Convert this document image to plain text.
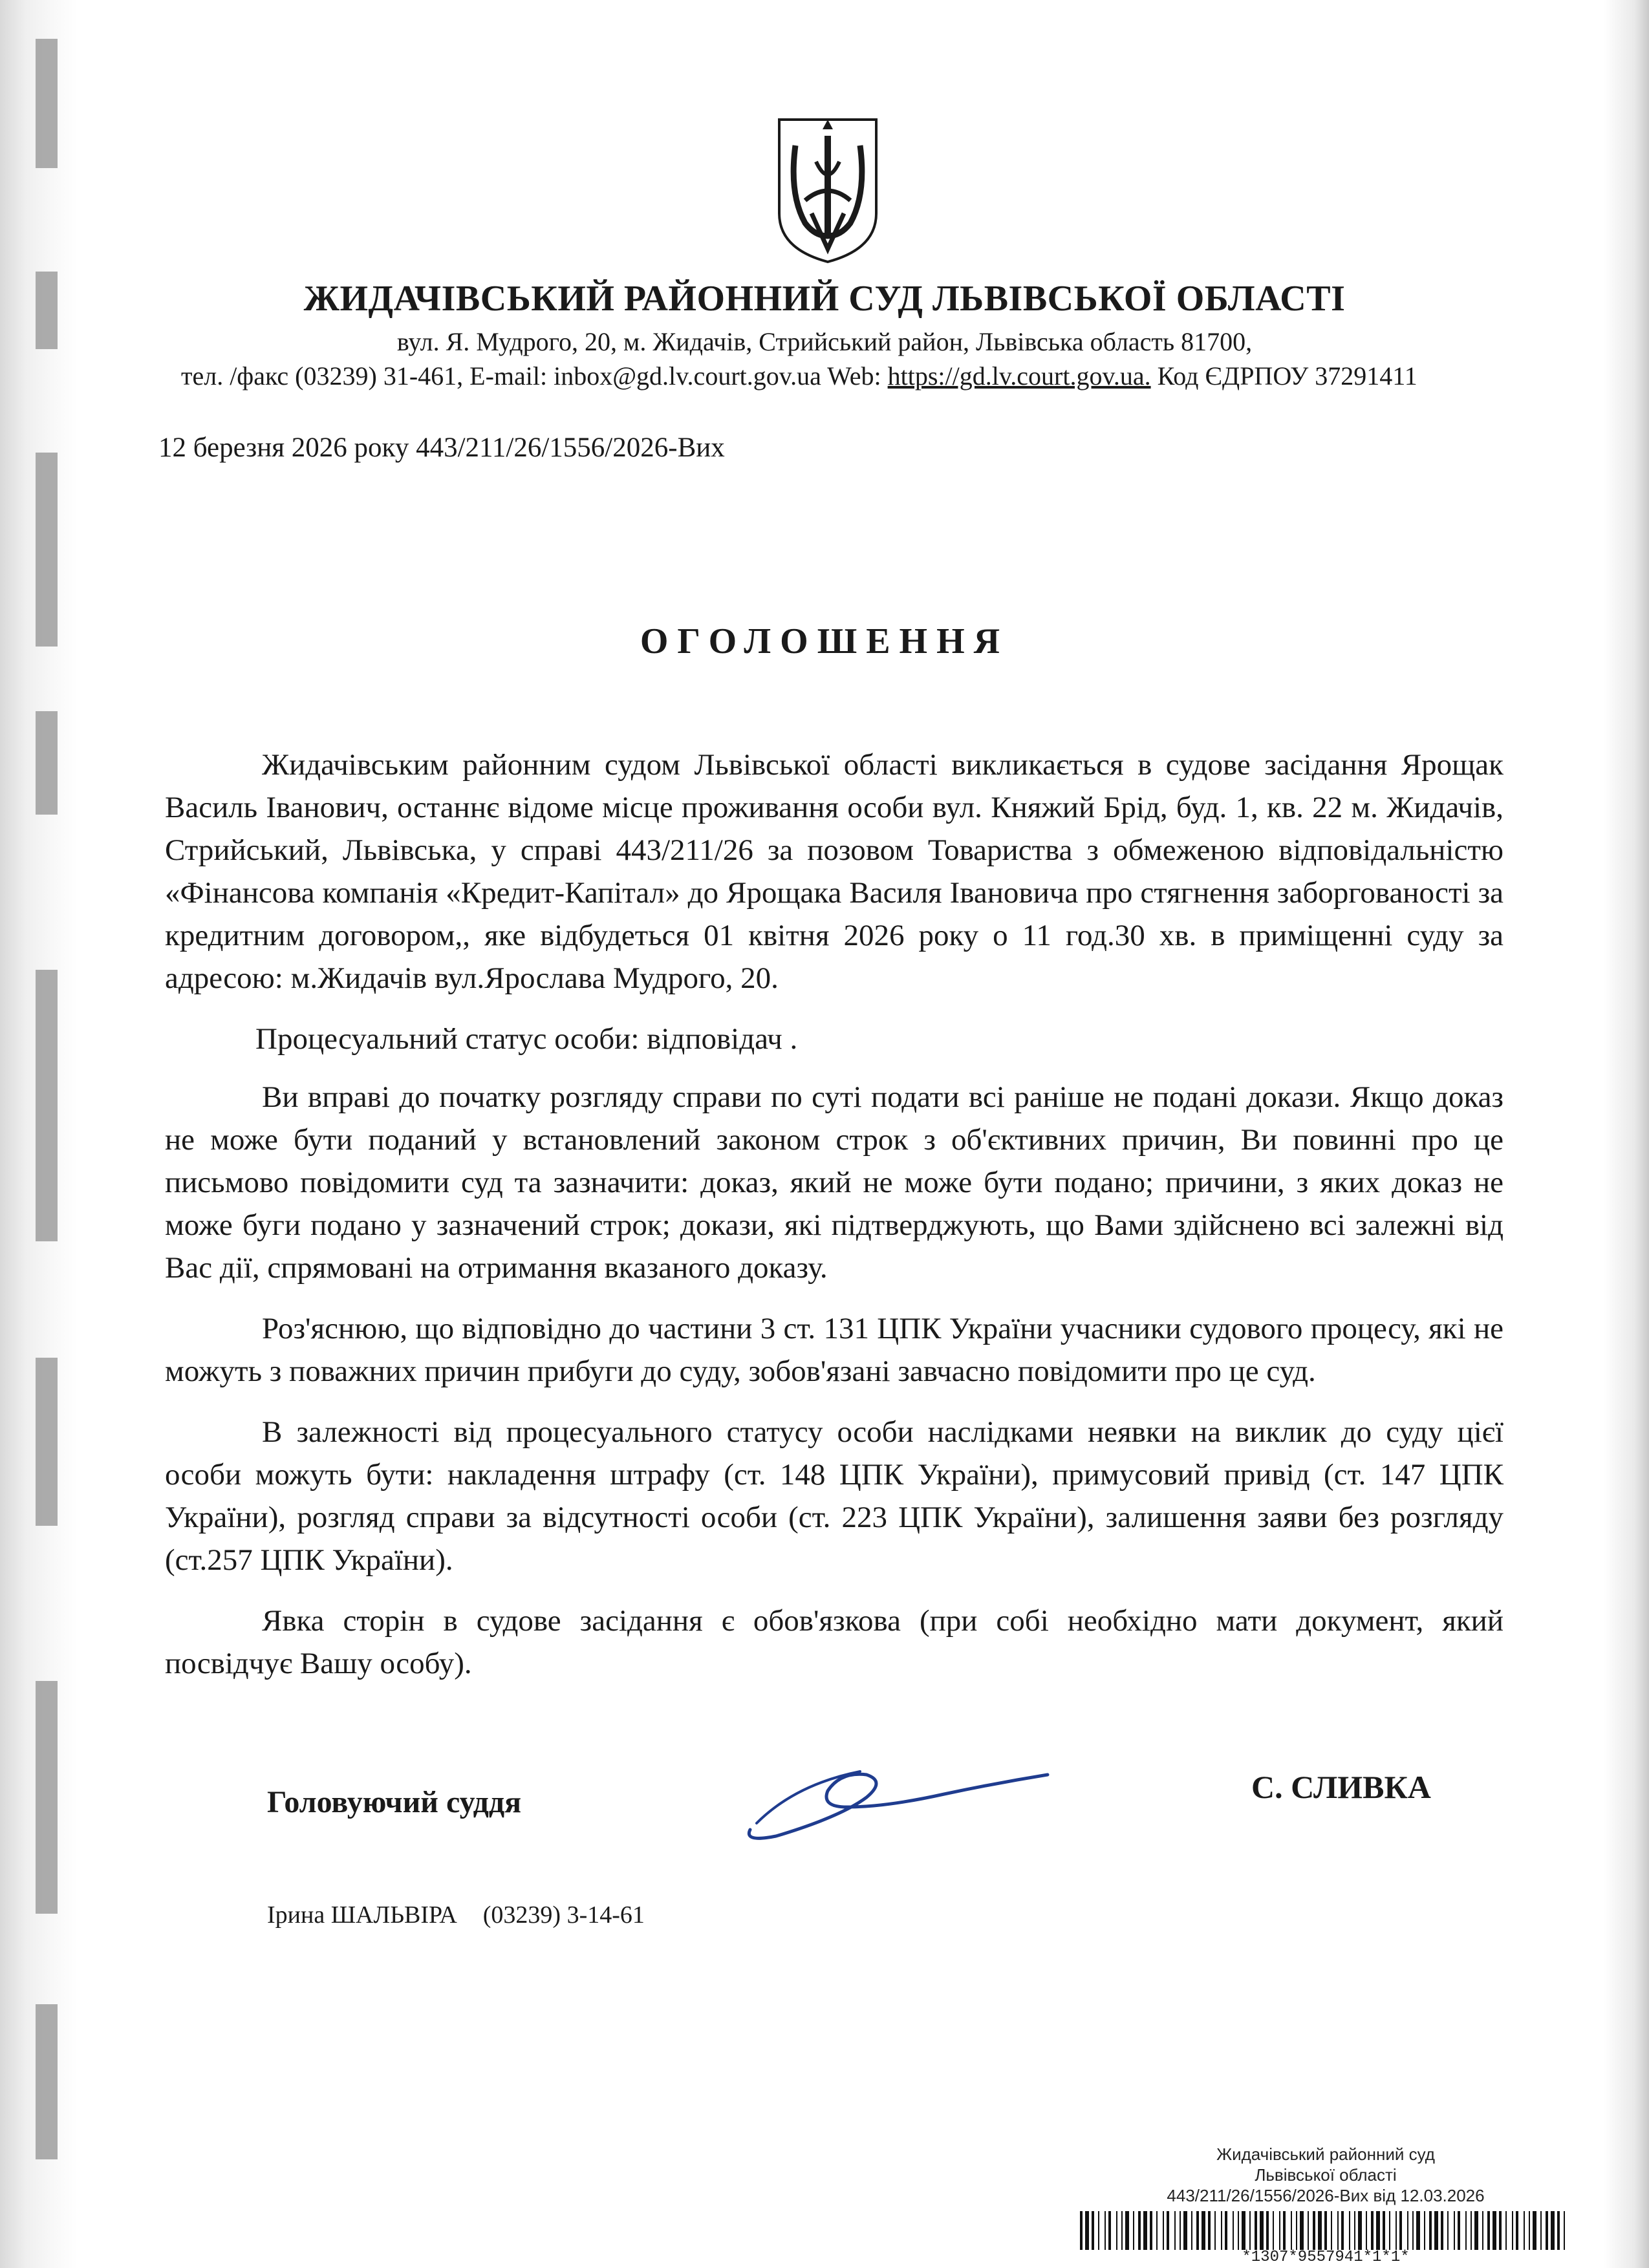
ЖИДАЧІВСЬКИЙ РАЙОННИЙ СУД ЛЬВІВСЬКОЇ ОБЛАСТІ
вул. Я. Мудрого, 20, м. Жидачів, Стрийський район, Львівська область 81700,
тел. /факс (03239) 31-461, E-mail: inbox@gd.lv.court.gov.ua Web: https://gd.lv.court.gov.ua. Код ЄДРПОУ 37291411
12 березня 2026 року 443/211/26/1556/2026-Вих
ОГОЛОШЕННЯ

Жидачівським районним судом Львівської області викликається в судове засідання Ярощак Василь Іванович, останнє відоме місце проживання особи вул. Княжий Брід, буд. 1, кв. 22 м. Жидачів, Стрийський, Львівська, у справі 443/211/26 за позовом Товариства з обмеженою відповідальністю «Фінансова компанія «Кредит-Капітал» до Ярощака Василя Івановича про стягнення заборгованості за кредитним договором,, яке відбудеться 01 квітня 2026 року о 11 год.30 хв. в приміщенні суду за адресою: м.Жидачів вул.Ярослава Мудрого, 20.

Процесуальний статус особи: відповідач .

Ви вправі до початку розгляду справи по суті подати всі раніше не подані докази. Якщо доказ не може бути поданий у встановлений законом строк з об'єктивних причин, Ви повинні про це письмово повідомити суд та зазначити: доказ, який не може бути подано; причини, з яких доказ не може буги подано у зазначений строк; докази, які підтверджують, що Вами здійснено всі залежні від Вас дії, спрямовані на отримання вказаного доказу.

Роз'яснюю, що відповідно до частини 3 ст. 131 ЦПК України учасники судового процесу, які не можуть з поважних причин прибуги до суду, зобов'язані завчасно повідомити про це суд.

В залежності від процесуального статусу особи наслідками неявки на виклик до суду цієї особи можуть бути: накладення штрафу (ст. 148 ЦПК України), примусовий привід (ст. 147 ЦПК України), розгляд справи за відсутності особи (ст. 223 ЦПК України), залишення заяви без розгляду (ст.257 ЦПК України).

Явка сторін в судове засідання є обов'язкова (при собі необхідно мати документ, який посвідчує Вашу особу).

Головуючий суддя	С. СЛИВКА
Ірина ШАЛЬВІРА (03239) 3-14-61
Жидачівський районний суд
Львівської області
443/211/26/1556/2026-Вих від 12.03.2026
*1307*9557941*1*1*
